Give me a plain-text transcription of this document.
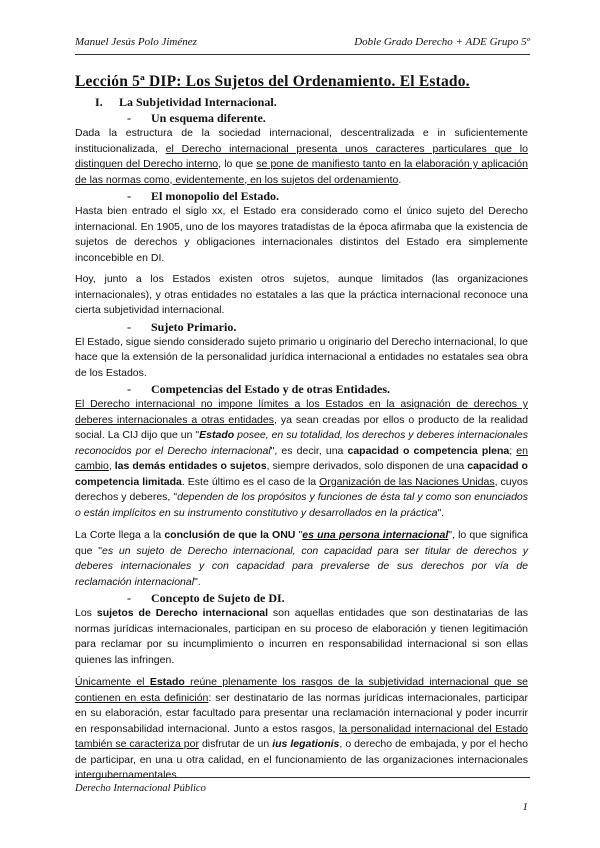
Manuel Jesús Polo Jiménez	Doble Grado Derecho + ADE Grupo 5º
Lección 5ª DIP: Los Sujetos del Ordenamiento. El Estado.
I. La Subjetividad Internacional.
- Un esquema diferente.

Dada la estructura de la sociedad internacional, descentralizada e in suficientemente institucionalizada, el Derecho internacional presenta unos caracteres particulares que lo distinguen del Derecho interno, lo que se pone de manifiesto tanto en la elaboración y aplicación de las normas como, evidentemente, en los sujetos del ordenamiento.

- El monopolio del Estado.

Hasta bien entrado el siglo xx, el Estado era considerado como el único sujeto del Derecho internacional. En 1905, uno de los mayores tratadistas de la época afirmaba que la existencia de sujetos de derechos y obligaciones internacionales distintos del Estado era simplemente inconcebible en DI.

Hoy, junto a los Estados existen otros sujetos, aunque limitados (las organizaciones internacionales), y otras entidades no estatales a las que la práctica internacional reconoce una cierta subjetividad internacional.

- Sujeto Primario.

El Estado, sigue siendo considerado sujeto primario u originario del Derecho internacional, lo que hace que la extensión de la personalidad jurídica internacional a entidades no estatales sea obra de los Estados.

- Competencias del Estado y de otras Entidades.

El Derecho internacional no impone límites a los Estados en la asignación de derechos y deberes internacionales a otras entidades, ya sean creadas por ellos o producto de la realidad social. La CIJ dijo que un "Estado posee, en su totalidad, los derechos y deberes internacionales reconocidos por el Derecho internacional", es decir, una capacidad o competencia plena; en cambio, las demás entidades o sujetos, siempre derivados, solo disponen de una capacidad o competencia limitada. Este último es el caso de la Organización de las Naciones Unidas, cuyos derechos y deberes, "dependen de los propósitos y funciones de ésta tal y como son enunciados o están implícitos en su instrumento constitutivo y desarrollados en la práctica".

La Corte llega a la conclusión de que la ONU "es una persona internacional", lo que significa que "es un sujeto de Derecho internacional, con capacidad para ser titular de derechos y deberes internacionales y con capacidad para prevalerse de sus derechos por vía de reclamación internacional".

- Concepto de Sujeto de DI.

Los sujetos de Derecho internacional son aquellas entidades que son destinatarias de las normas jurídicas internacionales, participan en su proceso de elaboración y tienen legitimación para reclamar por su incumplimiento o incurren en responsabilidad internacional si son ellas quienes las infringen.

Únicamente el Estado reúne plenamente los rasgos de la subjetividad internacional que se contienen en esta definición: ser destinatario de las normas jurídicas internacionales, participar en su elaboración, estar facultado para presentar una reclamación internacional y poder incurrir en responsabilidad internacional. Junto a estos rasgos, la personalidad internacional del Estado también se caracteriza por disfrutar de un ius legationis, o derecho de embajada, y por el hecho de participar, en una u otra calidad, en el funcionamiento de las organizaciones internacionales intergubernamentales.

Derecho Internacional Público
1
